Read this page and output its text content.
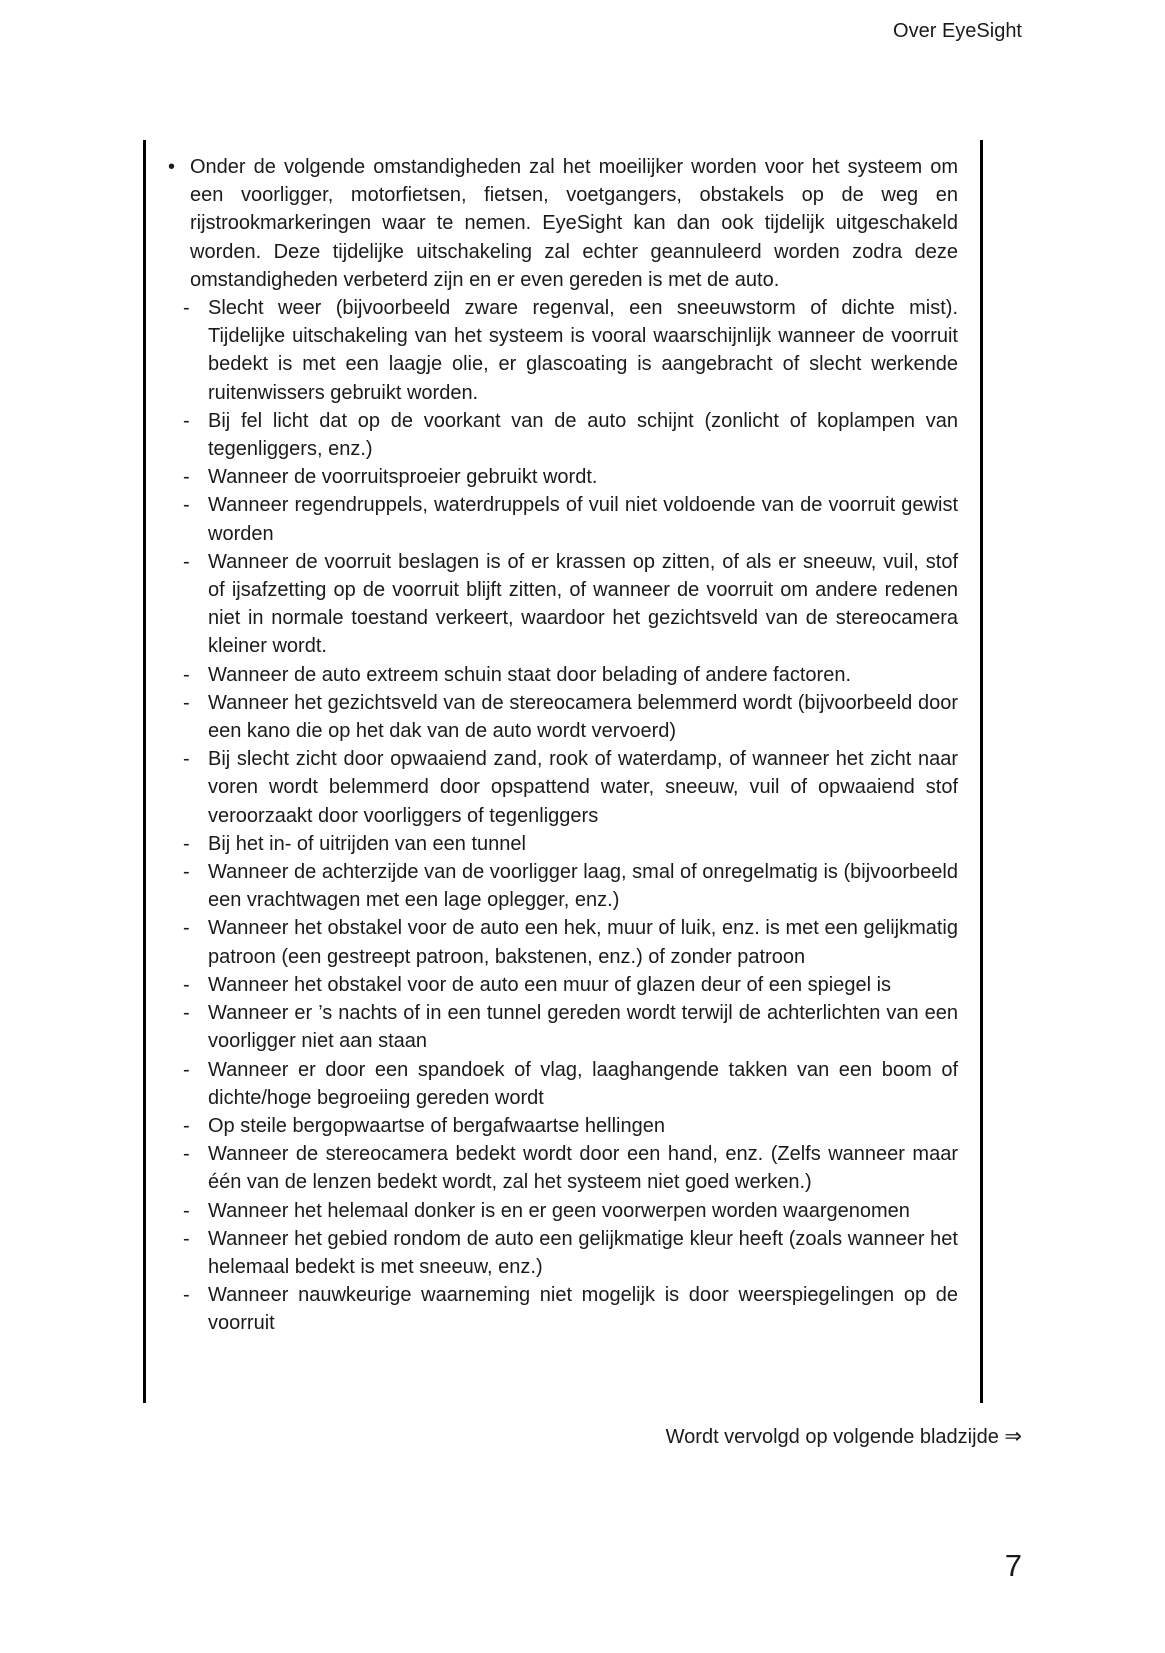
Over EyeSight
• Onder de volgende omstandigheden zal het moeilijker worden voor het systeem om een voorligger, motorfietsen, fietsen, voetgangers, obstakels op de weg en rijstrookmarkeringen waar te nemen. EyeSight kan dan ook tijdelijk uitgeschakeld worden. Deze tijdelijke uitschakeling zal echter geannuleerd worden zodra deze omstandigheden verbeterd zijn en er even gereden is met de auto.

- Slecht weer (bijvoorbeeld zware regenval, een sneeuwstorm of dichte mist). Tijdelijke uitschakeling van het systeem is vooral waarschijnlijk wanneer de voorruit bedekt is met een laagje olie, er glascoating is aangebracht of slecht werkende ruitenwissers gebruikt worden.

- Bij fel licht dat op de voorkant van de auto schijnt (zonlicht of koplampen van tegenliggers, enz.)

- Wanneer de voorruitsproeier gebruikt wordt.

- Wanneer regendruppels, waterdruppels of vuil niet voldoende van de voorruit gewist worden

- Wanneer de voorruit beslagen is of er krassen op zitten, of als er sneeuw, vuil, stof of ijsafzetting op de voorruit blijft zitten, of wanneer de voorruit om andere redenen niet in normale toestand verkeert, waardoor het gezichtsveld van de stereocamera kleiner wordt.

- Wanneer de auto extreem schuin staat door belading of andere factoren.

- Wanneer het gezichtsveld van de stereocamera belemmerd wordt (bijvoorbeeld door een kano die op het dak van de auto wordt vervoerd)

- Bij slecht zicht door opwaaiend zand, rook of waterdamp, of wanneer het zicht naar voren wordt belemmerd door opspattend water, sneeuw, vuil of opwaaiend stof veroorzaakt door voorliggers of tegenliggers

- Bij het in- of uitrijden van een tunnel

- Wanneer de achterzijde van de voorligger laag, smal of onregelmatig is (bijvoorbeeld een vrachtwagen met een lage oplegger, enz.)

- Wanneer het obstakel voor de auto een hek, muur of luik, enz. is met een gelijkmatig patroon (een gestreept patroon, bakstenen, enz.) of zonder patroon

- Wanneer het obstakel voor de auto een muur of glazen deur of een spiegel is

- Wanneer er ’s nachts of in een tunnel gereden wordt terwijl de achterlichten van een voorligger niet aan staan

- Wanneer er door een spandoek of vlag, laaghangende takken van een boom of dichte/hoge begroeiing gereden wordt

- Op steile bergopwaartse of bergafwaartse hellingen

- Wanneer de stereocamera bedekt wordt door een hand, enz. (Zelfs wanneer maar één van de lenzen bedekt wordt, zal het systeem niet goed werken.)

- Wanneer het helemaal donker is en er geen voorwerpen worden waargenomen

- Wanneer het gebied rondom de auto een gelijkmatige kleur heeft (zoals wanneer het helemaal bedekt is met sneeuw, enz.)

- Wanneer nauwkeurige waarneming niet mogelijk is door weerspiegelingen op de voorruit

Wordt vervolgd op volgende bladzijde ⇒
7
